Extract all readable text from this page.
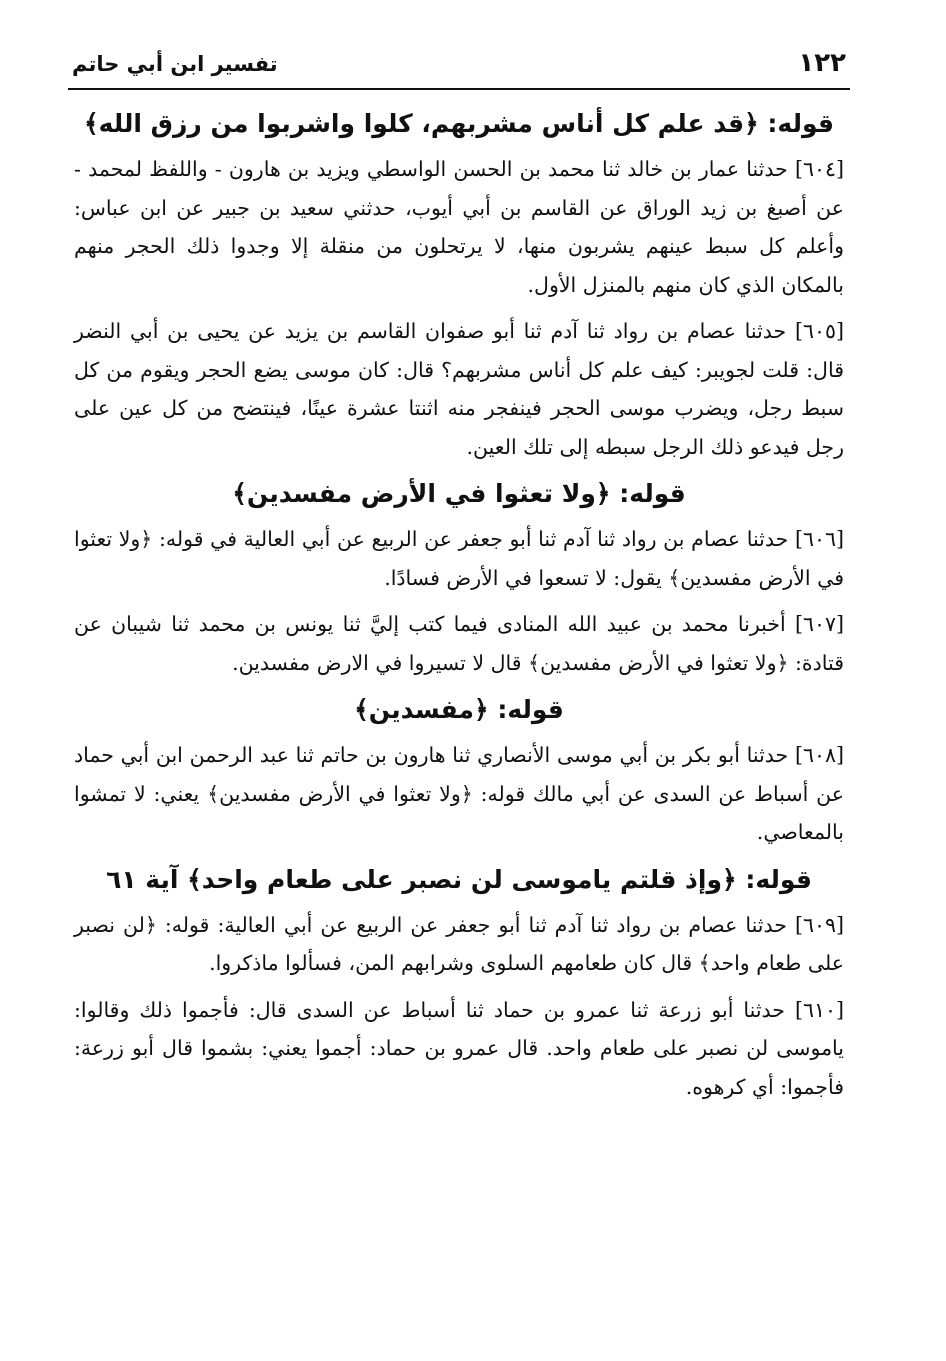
١٢٢
تفسير ابن أبي حاتم
قوله: ﴿قد علم كل أناس مشربهم، كلوا واشربوا من رزق الله﴾

[٦٠٤] حدثنا عمار بن خالد ثنا محمد بن الحسن الواسطي ويزيد بن هارون - واللفظ لمحمد - عن أصبغ بن زيد الوراق عن القاسم بن أبي أيوب، حدثني سعيد بن جبير عن ابن عباس: وأعلم كل سبط عينهم يشربون منها، لا يرتحلون من منقلة إلا وجدوا ذلك الحجر منهم بالمكان الذي كان منهم بالمنزل الأول.

[٦٠٥] حدثنا عصام بن رواد ثنا آدم ثنا أبو صفوان القاسم بن يزيد عن يحيى بن أبي النضر قال: قلت لجويبر: كيف علم كل أناس مشربهم؟ قال: كان موسى يضع الحجر ويقوم من كل سبط رجل، ويضرب موسى الحجر فينفجر منه اثنتا عشرة عينًا، فينتضح من كل عين على رجل فيدعو ذلك الرجل سبطه إلى تلك العين.

قوله: ﴿ولا تعثوا في الأرض مفسدين﴾

[٦٠٦] حدثنا عصام بن رواد ثنا آدم ثنا أبو جعفر عن الربيع عن أبي العالية في قوله: ﴿ولا تعثوا في الأرض مفسدين﴾ يقول: لا تسعوا في الأرض فسادًا.

[٦٠٧] أخبرنا محمد بن عبيد الله المنادى فيما كتب إليَّ ثنا يونس بن محمد ثنا شيبان عن قتادة: ﴿ولا تعثوا في الأرض مفسدين﴾ قال لا تسيروا في الارض مفسدين.

قوله: ﴿مفسدين﴾

[٦٠٨] حدثنا أبو بكر بن أبي موسى الأنصاري ثنا هارون بن حاتم ثنا عبد الرحمن ابن أبي حماد عن أسباط عن السدى عن أبي مالك قوله: ﴿ولا تعثوا في الأرض مفسدين﴾ يعني: لا تمشوا بالمعاصي.

قوله: ﴿وإذ قلتم ياموسى لن نصبر على طعام واحد﴾ آية ٦١

[٦٠٩] حدثنا عصام بن رواد ثنا آدم ثنا أبو جعفر عن الربيع عن أبي العالية: قوله: ﴿لن نصبر على طعام واحد﴾ قال كان طعامهم السلوى وشرابهم المن، فسألوا ماذكروا.

[٦١٠] حدثنا أبو زرعة ثنا عمرو بن حماد ثنا أسباط عن السدى قال: فأجموا ذلك وقالوا: ياموسى لن نصبر على طعام واحد. قال عمرو بن حماد: أجموا يعني: بشموا قال أبو زرعة: فأجموا: أي كرهوه.
